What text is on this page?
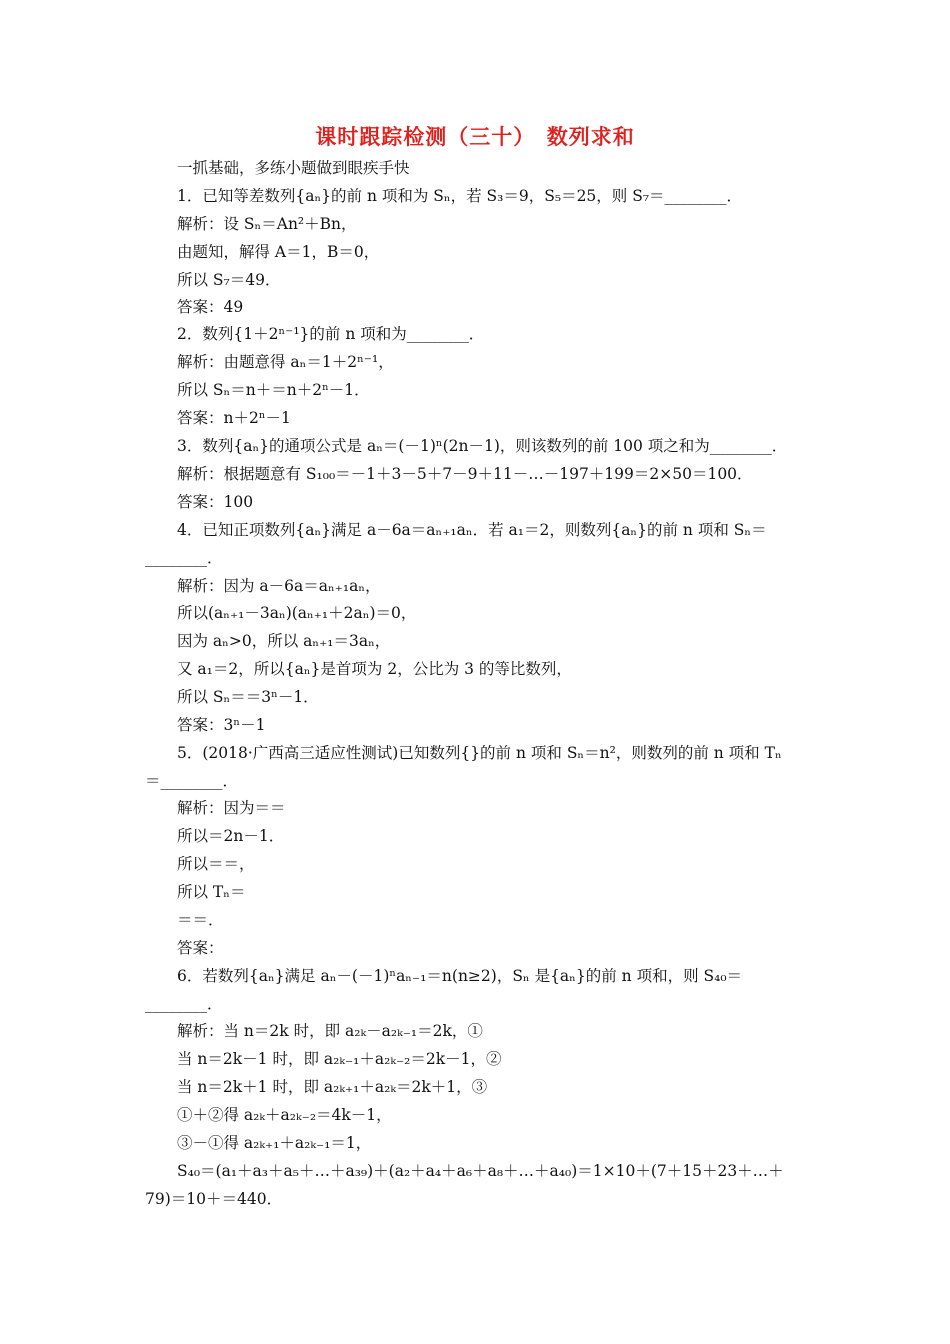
课时跟踪检测（三十）　数列求和
一抓基础，多练小题做到眼疾手快
1．已知等差数列{aₙ}的前 n 项和为 Sₙ，若 S₃＝9，S₅＝25，则 S₇＝________．
解析：设 Sₙ＝An²＋Bn，
由题知，解得 A＝1，B＝0，
所以 S₇＝49．
答案：49
2．数列{1＋2ⁿ⁻¹}的前 n 项和为________．
解析：由题意得 aₙ＝1＋2ⁿ⁻¹，
所以 Sₙ＝n＋＝n＋2ⁿ－1．
答案：n＋2ⁿ－1
3．数列{aₙ}的通项公式是 aₙ＝(－1)ⁿ(2n－1)，则该数列的前 100 项之和为________．
解析：根据题意有 S₁₀₀＝－1＋3－5＋7－9＋11－…－197＋199＝2×50＝100．
答案：100
4．已知正项数列{aₙ}满足 a－6a＝aₙ₊₁aₙ．若 a₁＝2，则数列{aₙ}的前 n 项和 Sₙ＝
________．
解析：因为 a－6a＝aₙ₊₁aₙ，
所以(aₙ₊₁－3aₙ)(aₙ₊₁＋2aₙ)＝0，
因为 aₙ>0，所以 aₙ₊₁＝3aₙ，
又 a₁＝2，所以{aₙ}是首项为 2，公比为 3 的等比数列，
所以 Sₙ＝＝3ⁿ－1．
答案：3ⁿ－1
5．(2018·广西高三适应性测试)已知数列{}的前 n 项和 Sₙ＝n²，则数列的前 n 项和 Tₙ
＝________．
解析：因为＝＝
所以＝2n－1．
所以＝＝，
所以 Tₙ＝
＝＝．
答案：
6．若数列{aₙ}满足 aₙ－(－1)ⁿaₙ₋₁＝n(n≥2)，Sₙ 是{aₙ}的前 n 项和，则 S₄₀＝
________．
解析：当 n＝2k 时，即 a₂ₖ－a₂ₖ₋₁＝2k，①
当 n＝2k－1 时，即 a₂ₖ₋₁＋a₂ₖ₋₂＝2k－1，②
当 n＝2k＋1 时，即 a₂ₖ₊₁＋a₂ₖ＝2k＋1，③
①＋②得 a₂ₖ＋a₂ₖ₋₂＝4k－1，
③－①得 a₂ₖ₊₁＋a₂ₖ₋₁＝1，
S₄₀＝(a₁＋a₃＋a₅＋…＋a₃₉)＋(a₂＋a₄＋a₆＋a₈＋…＋a₄₀)＝1×10＋(7＋15＋23＋…＋
79)＝10＋＝440．
